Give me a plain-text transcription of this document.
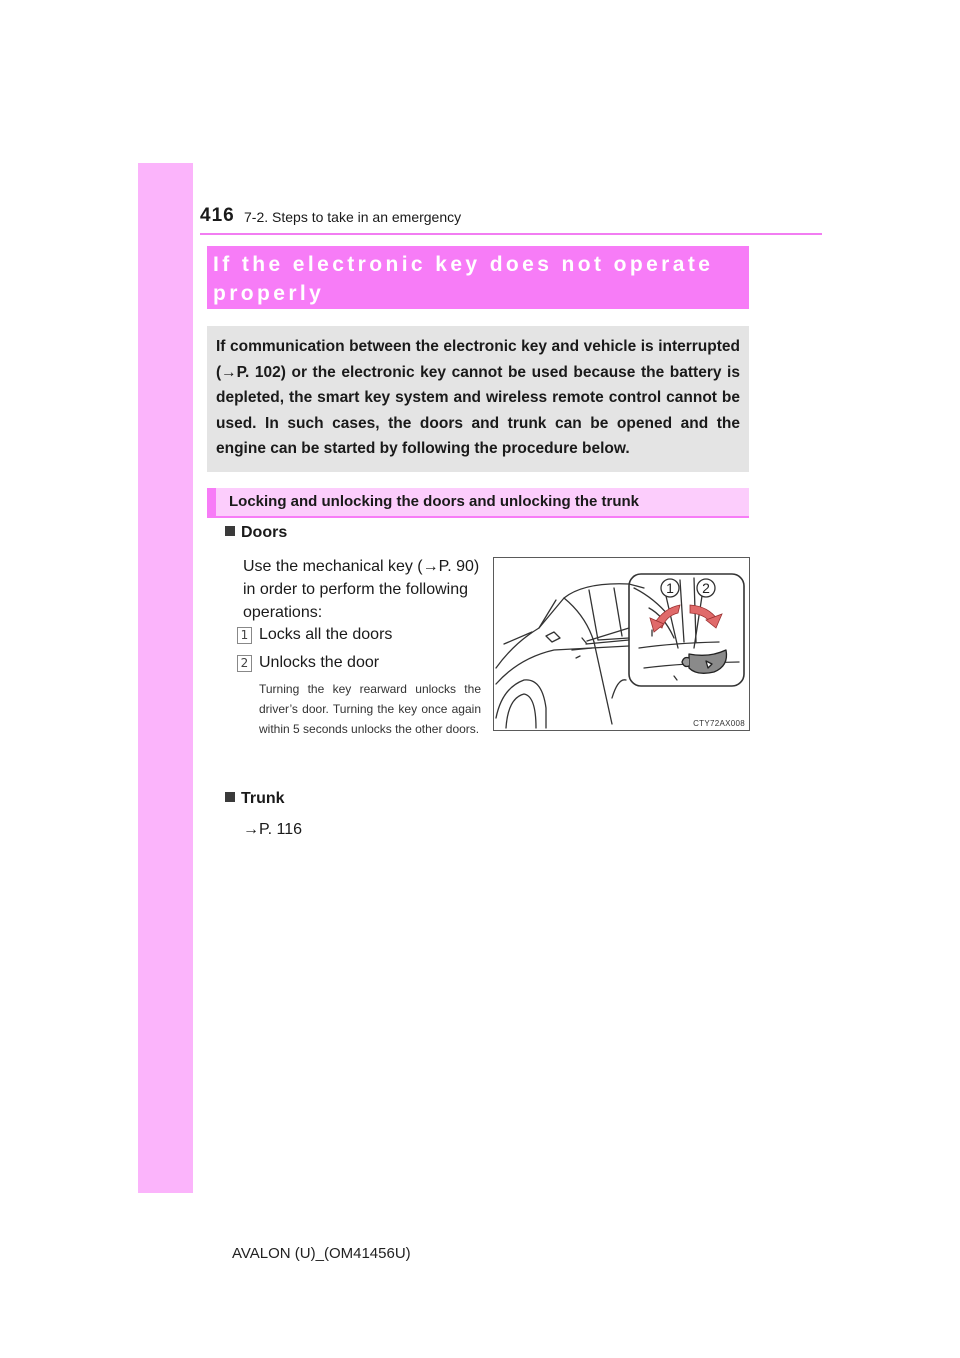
416 7-2. Steps to take in an emergency
If the electronic key does not operate
properly

If communication between the electronic key and vehicle is interrupted (→P. 102) or the electronic key cannot be used because the battery is depleted, the smart key system and wireless remote control cannot be used. In such cases, the doors and trunk can be opened and the engine can be started by following the procedure below.

Locking and unlocking the doors and unlocking the trunk
Doors

Use the mechanical key (→P. 90) in order to perform the following operations:

1 Locks all the doors
2 Unlocks the door

Turning the key rearward unlocks the driver’s door. Turning the key once again within 5 seconds unlocks the other doors.

1 2
CTY72AX008
Trunk
→P. 116
AVALON (U)_(OM41456U)
